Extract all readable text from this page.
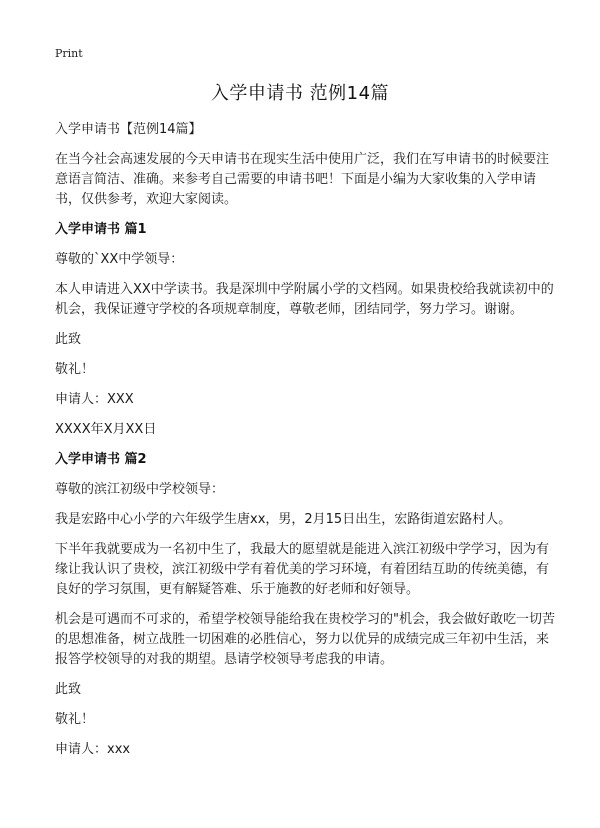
Print
入学申请书 范例14篇

入学申请书【范例14篇】

在当今社会高速发展的今天申请书在现实生活中使用广泛，我们在写申请书的时候要注意语言简洁、准确。来参考自己需要的申请书吧！下面是小编为大家收集的入学申请书，仅供参考，欢迎大家阅读。

入学申请书 篇1

尊敬的`XX中学领导：

本人申请进入XX中学读书。我是深圳中学附属小学的文档网。如果贵校给我就读初中的机会，我保证遵守学校的各项规章制度，尊敬老师，团结同学，努力学习。谢谢。

此致

敬礼！

申请人：XXX

XXXX年X月XX日

入学申请书 篇2

尊敬的滨江初级中学校领导：

我是宏路中心小学的六年级学生唐xx，男，2月15日出生，宏路街道宏路村人。

下半年我就要成为一名初中生了，我最大的愿望就是能进入滨江初级中学学习，因为有缘让我认识了贵校，滨江初级中学有着优美的学习环境，有着团结互助的传统美德，有良好的学习氛围，更有解疑答难、乐于施教的好老师和好领导。

机会是可遇而不可求的，希望学校领导能给我在贵校学习的"机会，我会做好敢吃一切苦的思想准备，树立战胜一切困难的必胜信心，努力以优异的成绩完成三年初中生活，来报答学校领导的对我的期望。恳请学校领导考虑我的申请。

此致

敬礼！

申请人：xxx
